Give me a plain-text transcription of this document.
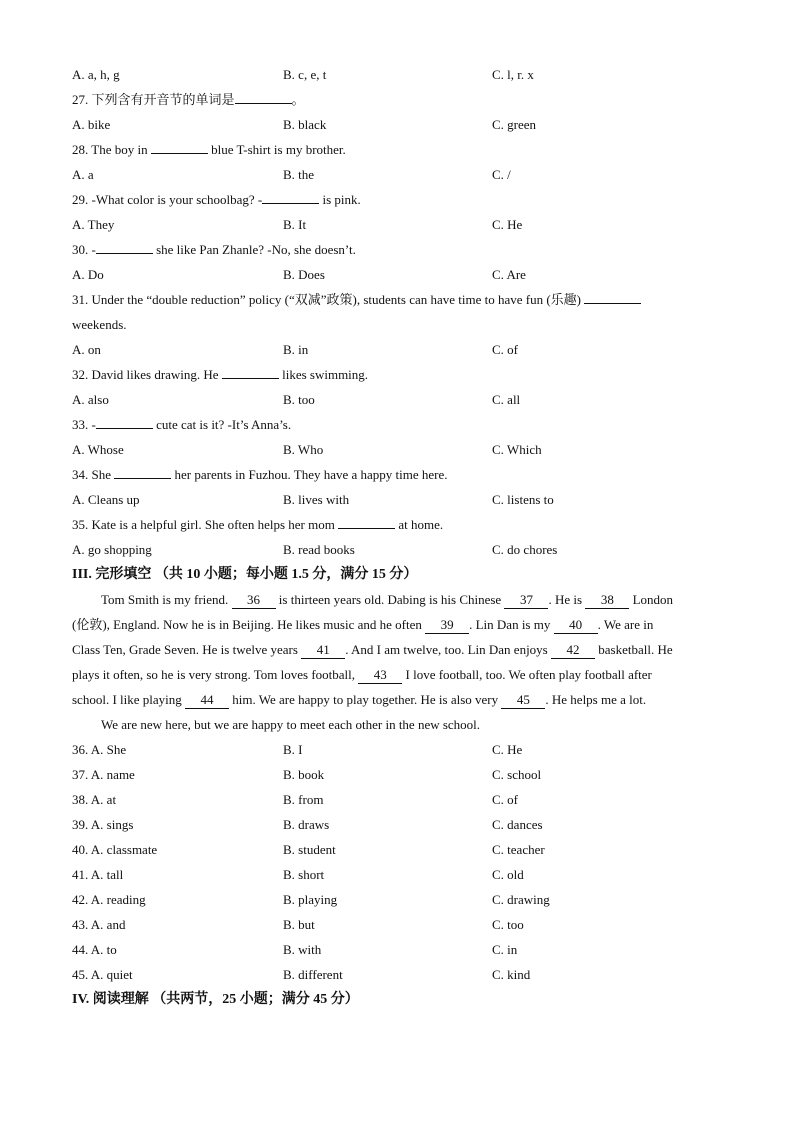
A. a, h, g	B. c, e, t	C. l, r. x
27. 下列含有开音节的单词是	。
A. bike	B. black	C. green
28. The boy in	blue T-shirt is my brother.
A. a	B. the	C. /
29. -What color is your schoolbag? -	is pink.
A. They	B. It	C. He
30. -	she like Pan Zhanle? -No, she doesn’t.
A. Do	B. Does	C. Are
31. Under the “double reduction” policy (“双减”政策), students can have time to have fun (乐趣)
weekends.
A. on	B. in	C. of
32. David likes drawing. He	likes swimming.
A. also	B. too	C. all
33. -	cute cat is it? -It’s Anna’s.
A. Whose	B. Who	C. Which
34. She	her parents in Fuzhou. They have a happy time here.
A. Cleans up	B. lives with	C. listens to
35. Kate is a helpful girl. She often helps her mom	at home.
A. go shopping	B. read books	C. do chores
III. 完形填空 （共 10 小题；每小题 1.5 分，满分 15 分）
Tom Smith is my friend. 36 is thirteen years old. Dabing is his Chinese 37 . He is 38 London
(伦敦), England. Now he is in Beijing. He likes music and he often 39 . Lin Dan is my 40 . We are in
Class Ten, Grade Seven. He is twelve years 41 . And I am twelve, too. Lin Dan enjoys 42 basketball. He
plays it often, so he is very strong. Tom loves football, 43 I love football, too. We often play football after
school. I like playing 44 him. We are happy to play together. He is also very 45 . He helps me a lot.
We are new here, but we are happy to meet each other in the new school.
36. A. She	B. I	C. He
37. A. name	B. book	C. school
38. A. at	B. from	C. of
39. A. sings	B. draws	C. dances
40. A. classmate	B. student	C. teacher
41. A. tall	B. short	C. old
42. A. reading	B. playing	C. drawing
43. A. and	B. but	C. too
44. A. to	B. with	C. in
45. A. quiet	B. different	C. kind
IV. 阅读理解 （共两节，25 小题；满分 45 分）
